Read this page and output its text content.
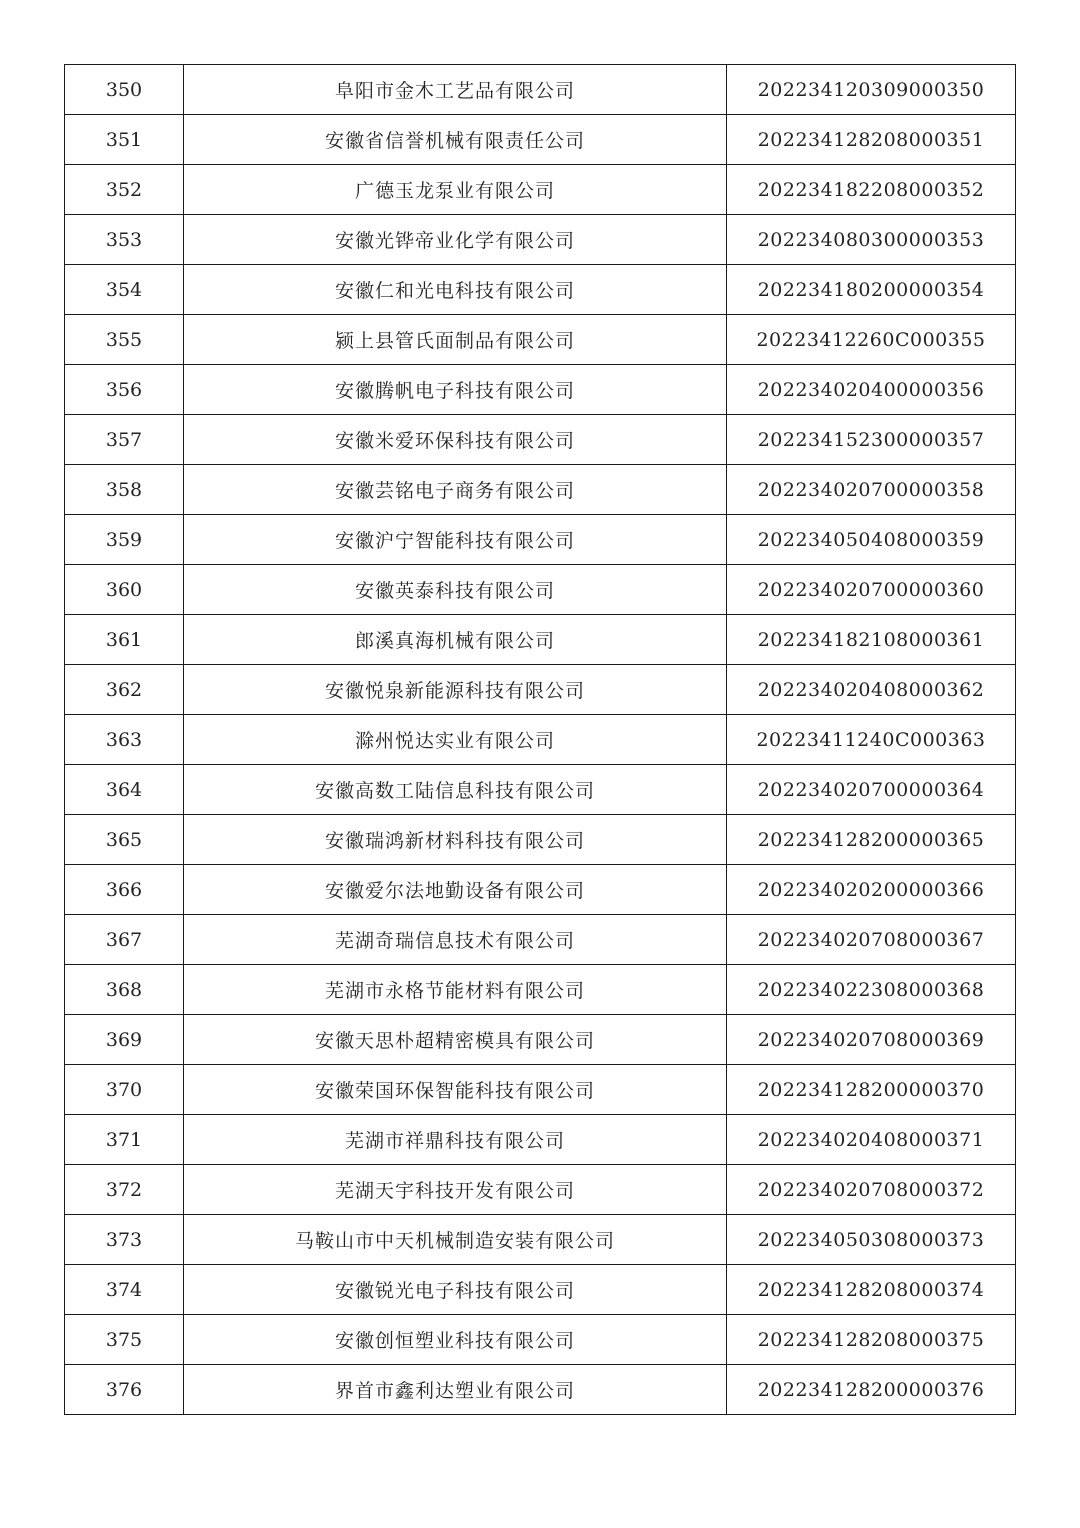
350	阜阳市金木工艺品有限公司	202234120309000350
351	安徽省信誉机械有限责任公司	202234128208000351
352	广德玉龙泵业有限公司	202234182208000352
353	安徽光铧帝业化学有限公司	202234080300000353
354	安徽仁和光电科技有限公司	202234180200000354
355	颍上县管氏面制品有限公司	20223412260C000355
356	安徽腾帆电子科技有限公司	202234020400000356
357	安徽米爱环保科技有限公司	202234152300000357
358	安徽芸铭电子商务有限公司	202234020700000358
359	安徽沪宁智能科技有限公司	202234050408000359
360	安徽英泰科技有限公司	202234020700000360
361	郎溪真海机械有限公司	202234182108000361
362	安徽悦泉新能源科技有限公司	202234020408000362
363	滁州悦达实业有限公司	20223411240C000363
364	安徽高数工陆信息科技有限公司	202234020700000364
365	安徽瑞鸿新材料科技有限公司	202234128200000365
366	安徽爱尔法地勤设备有限公司	202234020200000366
367	芜湖奇瑞信息技术有限公司	202234020708000367
368	芜湖市永格节能材料有限公司	202234022308000368
369	安徽天思朴超精密模具有限公司	202234020708000369
370	安徽荣国环保智能科技有限公司	202234128200000370
371	芜湖市祥鼎科技有限公司	202234020408000371
372	芜湖天宇科技开发有限公司	202234020708000372
373	马鞍山市中天机械制造安装有限公司	202234050308000373
374	安徽锐光电子科技有限公司	202234128208000374
375	安徽创恒塑业科技有限公司	202234128208000375
376	界首市鑫利达塑业有限公司	202234128200000376
